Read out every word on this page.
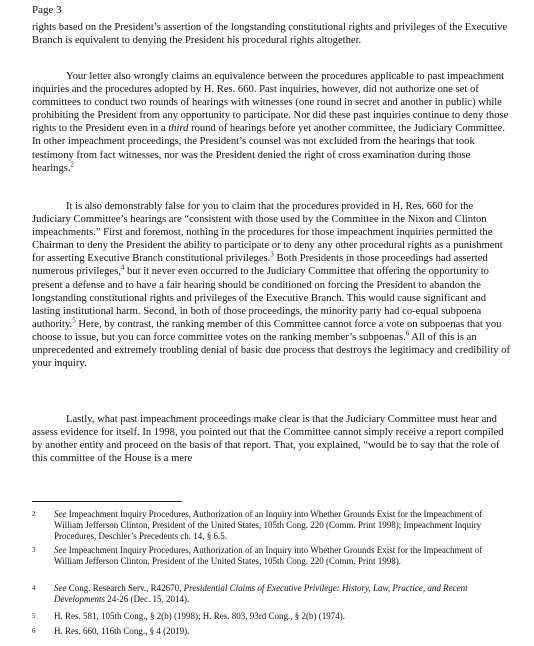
Page 3

rights based on the President’s assertion of the longstanding constitutional rights and privileges of the Executive Branch is equivalent to denying the President his procedural rights altogether.

Your letter also wrongly claims an equivalence between the procedures applicable to past impeachment inquiries and the procedures adopted by H. Res. 660. Past inquiries, however, did not authorize one set of committees to conduct two rounds of hearings with witnesses (one round in secret and another in public) while prohibiting the President from any opportunity to participate. Nor did these past inquiries continue to deny those rights to the President even in a third round of hearings before yet another committee, the Judiciary Committee. In other impeachment proceedings, the President’s counsel was not excluded from the hearings that took testimony from fact witnesses, nor was the President denied the right of cross examination during those hearings.$^2$

It is also demonstrably false for you to claim that the procedures provided in H. Res. 660 for the Judiciary Committee’s hearings are “consistent with those used by the Committee in the Nixon and Clinton impeachments.” First and foremost, nothing in the procedures for those impeachment inquiries permitted the Chairman to deny the President the ability to participate or to deny any other procedural rights as a punishment for asserting Executive Branch constitutional privileges.$^3$ Both Presidents in those proceedings had asserted numerous privileges,$^4$ but it never even occurred to the Judiciary Committee that offering the opportunity to present a defense and to have a fair hearing should be conditioned on forcing the President to abandon the longstanding constitutional rights and privileges of the Executive Branch. This would cause significant and lasting institutional harm. Second, in both of those proceedings, the minority party had co-equal subpoena authority.$^5$ Here, by contrast, the ranking member of this Committee cannot force a vote on subpoenas that you choose to issue, but you can force committee votes on the ranking member’s subpoenas.$^6$ All of this is an unprecedented and extremely troubling denial of basic due process that destroys the legitimacy and credibility of your inquiry.

Lastly, what past impeachment proceedings make clear is that the Judiciary Committee must hear and assess evidence for itself. In 1998, you pointed out that the Committee cannot simply receive a report compiled by another entity and proceed on the basis of that report. That, you explained, “would be to say that the role of this committee of the House is a mere

2 See Impeachment Inquiry Procedures, Authorization of an Inquiry into Whether Grounds Exist for the Impeachment of William Jefferson Clinton, President of the United States, 105th Cong. 220 (Comm. Print 1998); Impeachment Inquiry Procedures, Deschler’s Precedents ch. 14, § 6.5.
3 See Impeachment Inquiry Procedures, Authorization of an Inquiry into Whether Grounds Exist for the Impeachment of William Jefferson Clinton, President of the United States, 105th Cong. 220 (Comm. Print 1998).
4 See Cong. Research Serv., R42670, Presidential Claims of Executive Privilege: History, Law, Practice, and Recent Developments 24-26 (Dec. 15, 2014).
5 H. Res. 581, 105th Cong., § 2(b) (1998); H. Res. 803, 93rd Cong., § 2(b) (1974).
6 H. Res. 660, 116th Cong., § 4 (2019).
